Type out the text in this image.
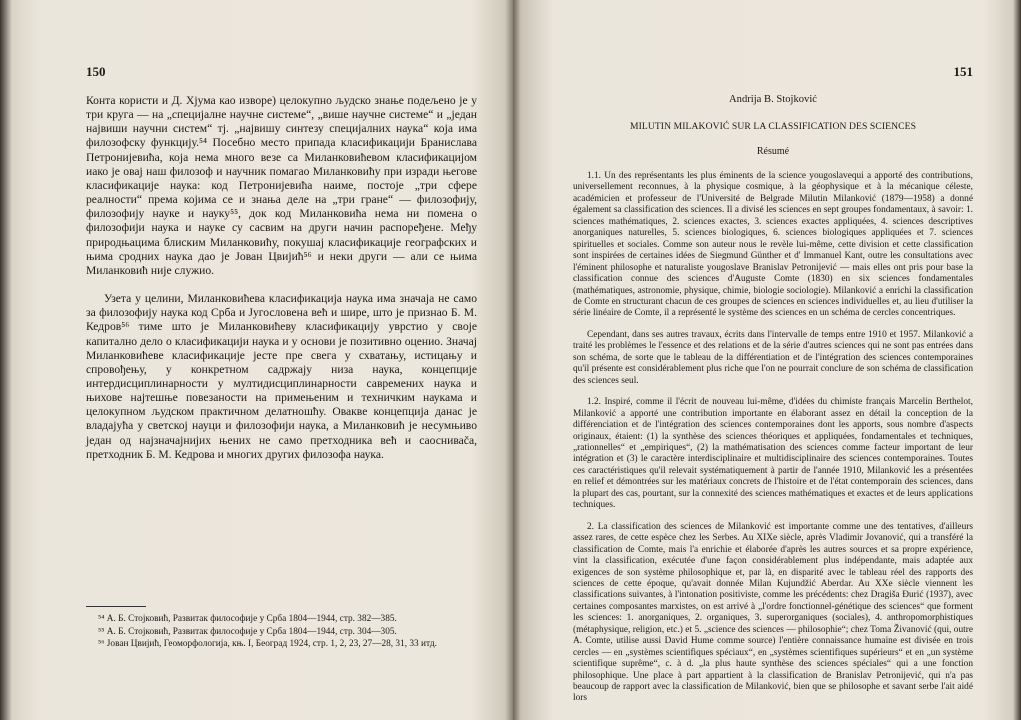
150

Конта користи и Д. Хјума као изворе) целокупно људско знање подељено је у три круга — на „специјалне научне системе“, „више научне системе“ и „један највиши научни систем“ тј. „највишу синтезу специјалних наука“ која има филозофску функцију.⁵⁴ Посебно место припада класификацији Бранислава Петронијевића, која нема много везе са Миланковићевом класификацијом иако је овај наш филозоф и научник помагао Миланковићу при изради његове класификације наука: код Петронијевића наиме, постоје „три сфере реалности“ према којима се и знања деле на „три гране“ — филозофију, филозофију науке и науку⁵⁵, док код Миланковића нема ни помена о филозофији наука и науке су сасвим на други начин распоређене. Међу природњацима блиским Миланковићу, покушај класификације географских и њима сродних наука дао је Јован Цвијић⁵⁶ и неки други — али се њима Миланковић није служио.

Узета у целини, Миланковићева класификација наука има значаја не само за филозофију наука код Срба и Југословена већ и шире, што је признао Б. М. Кедров⁵⁶ тиме што је Миланковићеву класификацију уврстио у своје капитално дело о класификацији наука и у основи је позитивно оценио. Значај Миланковићеве класификације јесте пре свега у схватању, истицању и спровођењу, у конкретном садржају низа наука, концепције интердисциплинарности у мултидисциплинарности савремених наука и њихове најтешње повезаности на примењеним и техничким наукама и целокупном људском практичном делатношћу. Овакве концепција данас је владајућа у светској науци и филозофији наука, а Миланковић је несумњиво један од најзначајнијих њених не само претходника већ и саосниваča, претходник Б. М. Кедрова и многих других филозофа наука.

⁵⁴ А. Б. Стојковић, Развитак философије у Срба 1804—1944, стр. 382—385.

⁵⁵ А. Б. Стојковић, Развитак философије у Срба 1804—1944, стр. 304—305.

⁵⁶ Јован Цвијић, Геоморфологија, књ. I, Београд 1924, стр. 1, 2, 23, 27—28, 31, 33 итд.

151
Andrija B. Stojković
MILUTIN MILAKOVIĆ SUR LA CLASSIFICATION DES SCIENCES
Résumé

1.1. Un des représentants les plus éminents de la science yougoslavequi a apporté des contributions, universellement reconnues, à la physique cosmique, à la géophysique et à la mécanique céleste, académicien et professeur de l'Université de Belgrade Milutin Milanković (1879—1958) a donné également sa classification des sciences. Il a divisé les sciences en sept groupes fondamentaux, à savoir: 1. sciences mathématiques, 2. sciences exactes, 3. sciences exactes appliquées, 4. sciences descriptives anorganiques naturelles, 5. sciences biologiques, 6. sciences biologiques appliquées et 7. sciences spirituelles et sociales. Comme son auteur nous le revèle lui-même, cette division et cette classification sont inspirées de certaines idées de Siegmund Günther et d' Immanuel Kant, outre les consultations avec l'éminent philosophe et naturaliste yougoslave Branislav Petronijević — mais elles ont pris pour base la classification connue des sciences d'Auguste Comte (1830) en six sciences fondamentales (mathématiques, astronomie, physique, chimie, biologie sociologie). Milanković a enrichi la classification de Comte en structurant chacun de ces groupes de sciences en sciences individuelles et, au lieu d'utiliser la série linéaire de Comte, il a représenté le système des sciences en un schéma de cercles concentriques.

Cependant, dans ses autres travaux, écrits dans l'intervalle de temps entre 1910 et 1957. Milanković a traité les problèmes le l'essence et des relations et de la série d'autres sciences qui ne sont pas entrées dans son schéma, de sorte que le tableau de la différentiation et de l'intégration des sciences contemporaines qu'il présente est considérablement plus riche que l'on ne pourrait conclure de son schéma de classification des sciences seul.

1.2. Inspiré, comme il l'écrit de nouveau lui-même, d'idées du chimiste français Marcelin Berthelot, Milanković a apporté une contribution importante en élaborant assez en détail la conception de la différenciation et de l'intégration des sciences contemporaines dont les apports, sous nombre d'aspects originaux, étaient: (1) la synthèse des sciences théoriques et appliquées, fondamentales et techniques, „rationnelles“ et „empiriques“, (2) la mathématisation des sciences comme facteur important de leur intégration et (3) le caractère interdisciplinaire et multidisciplinaire des sciences contemporaines. Toutes ces caractéristiques qu'il relevait systématiquement à partir de l'année 1910, Milanković les a présentées en relief et démontrées sur les matériaux concrets de l'histoire et de l'état contemporain des sciences, dans la plupart des cas, pourtant, sur la connexité des sciences mathématiques et exactes et de leurs applications techniques.

2. La classification des sciences de Milanković est importante comme une des tentatives, d'ailleurs assez rares, de cette espèce chez les Serbes. Au XIXe siècle, après Vladimir Jovanović, qui a transféré la classification de Comte, mais l'a enrichie et élaborée d'après les autres sources et sa propre expérience, vint la classification, exécutée d'une façon considérablement plus indépendante, mais adaptée aux exigences de son système philosophique et, par là, en disparité avec le tableau réel des rapports des sciences de cette époque, qu'avait donnée Milan Kujundžić Aberdar. Au XXe siècle viennent les classifications suivantes, à l'intonation positiviste, comme les précédents: chez Dragiša Đurić (1937), avec certaines composantes marxistes, on est arrivé à „l'ordre fonctionnel-génétique des sciences“ que forment les sciences: 1. anorganiques, 2. organiques, 3. superorganiques (sociales), 4. anthropomorphistiques (métaphysique, religion, etc.) et 5. „science des sciences — philosophie“; chez Toma Živanović (qui, outre A. Comte, utilise aussi David Hume comme source) l'entière connaissance humaine est divisée en trois cercles — en „systèmes scientifiques spéciaux“, en „systèmes scientifiques supérieurs“ et en „un système scientifique suprême“, c. à d. „la plus haute synthèse des sciences spéciales“ qui a une fonction philosophique. Une place à part appartient à la classification de Branislav Petronijević, qui n'a pas beaucoup de rapport avec la classification de Milanković, bien que se philosophe et savant serbe l'ait aidé lors
